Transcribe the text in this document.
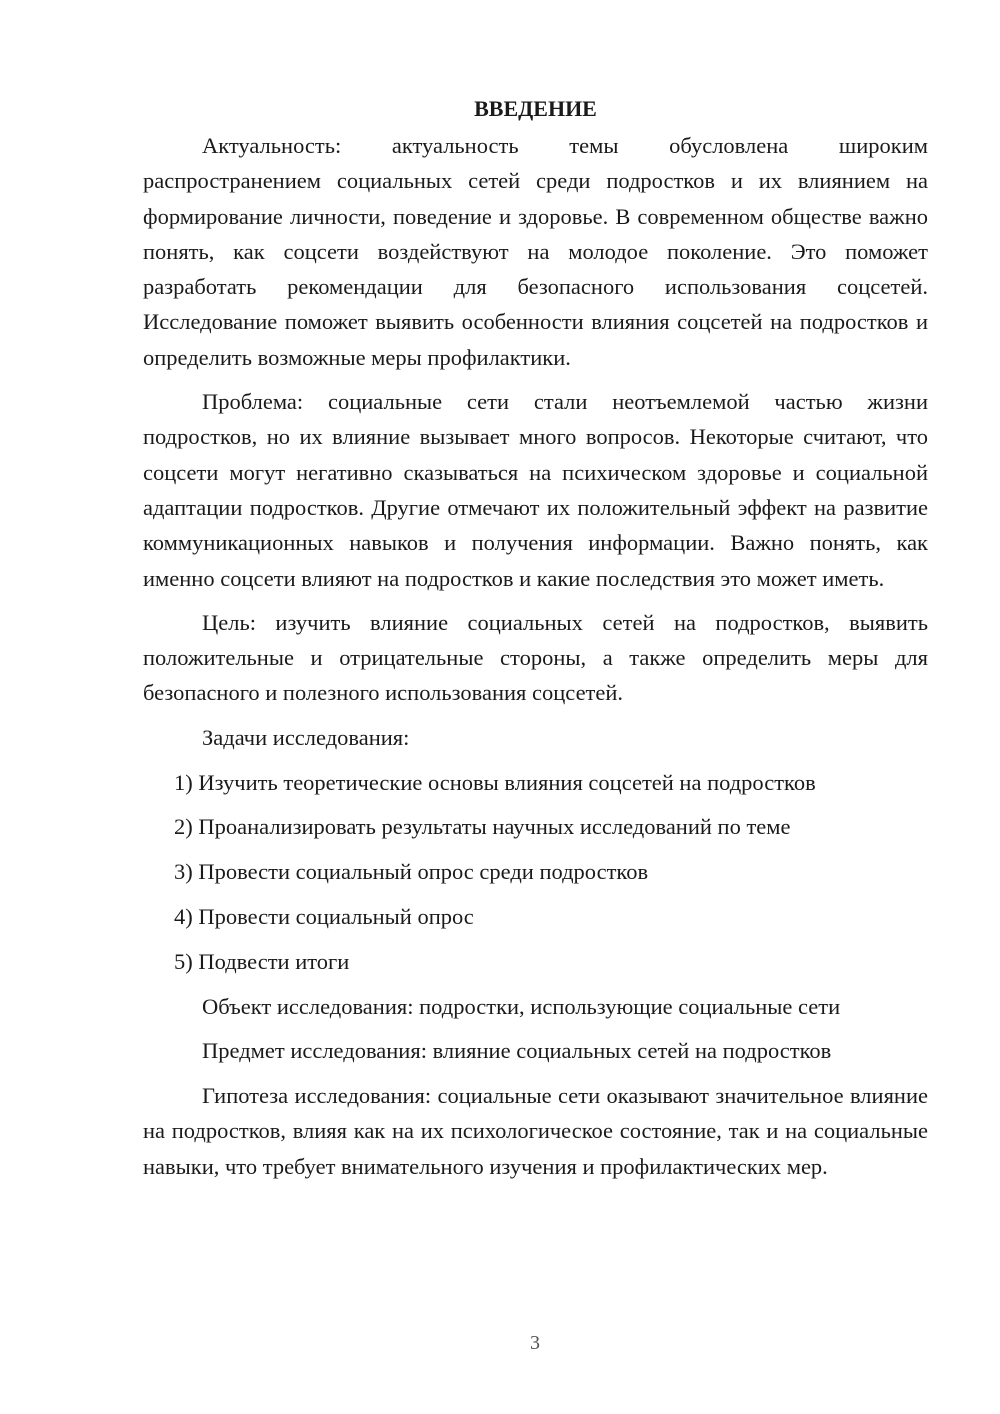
ВВЕДЕНИЕ

Актуальность: актуальность темы обусловлена широким распространением социальных сетей среди подростков и их влиянием на формирование личности, поведение и здоровье. В современном обществе важно понять, как соцсети воздействуют на молодое поколение. Это поможет разработать рекомендации для безопасного использования соцсетей. Исследование поможет выявить особенности влияния соцсетей на подростков и определить возможные меры профилактики.

Проблема: социальные сети стали неотъемлемой частью жизни подростков, но их влияние вызывает много вопросов. Некоторые считают, что соцсети могут негативно сказываться на психическом здоровье и социальной адаптации подростков. Другие отмечают их положительный эффект на развитие коммуникационных навыков и получения информации. Важно понять, как именно соцсети влияют на подростков и какие последствия это может иметь.

Цель: изучить влияние социальных сетей на подростков, выявить положительные и отрицательные стороны, а также определить меры для безопасного и полезного использования соцсетей.

Задачи исследования:
1) Изучить теоретические основы влияния соцсетей на подростков
2) Проанализировать результаты научных исследований по теме
3) Провести социальный опрос среди подростков
4) Провести социальный опрос
5) Подвести итоги
Объект исследования: подростки, использующие социальные сети
Предмет исследования: влияние социальных сетей на подростков

Гипотеза исследования: социальные сети оказывают значительное влияние на подростков, влияя как на их психологическое состояние, так и на социальные навыки, что требует внимательного изучения и профилактических мер.

3
